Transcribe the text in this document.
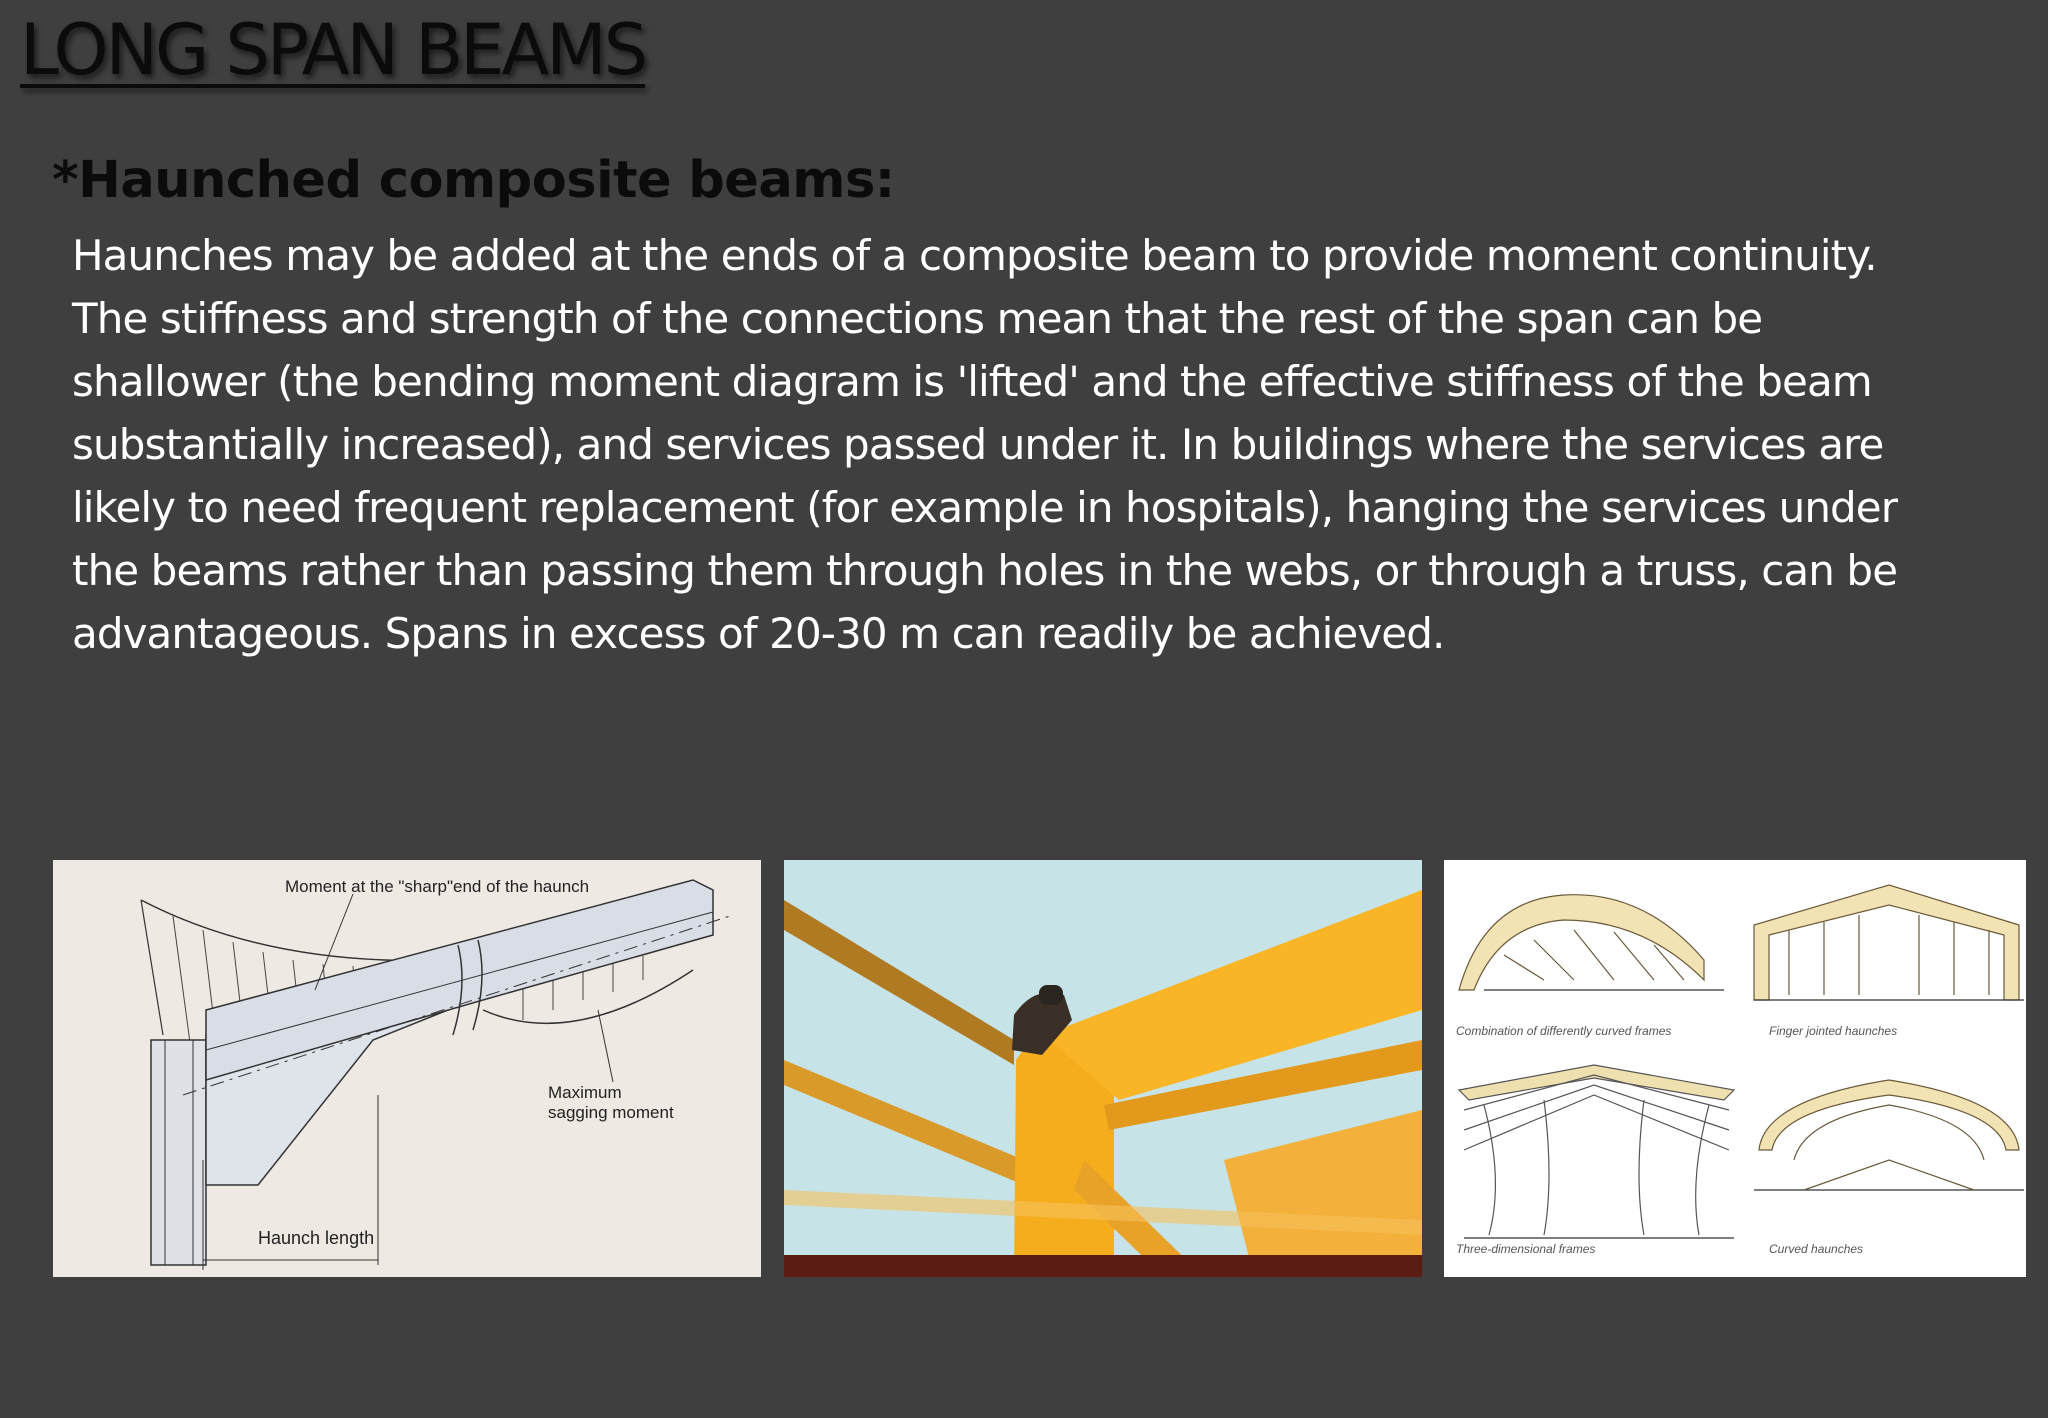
LONG SPAN BEAMS
*Haunched composite beams:

Haunches may be added at the ends of a composite beam to provide moment continuity.
The stiffness and strength of the connections mean that the rest of the span can be
shallower (the bending moment diagram is 'lifted' and the effective stiffness of the beam
substantially increased), and services passed under it. In buildings where the services are
likely to need frequent replacement (for example in hospitals), hanging the services under
the beams rather than passing them through holes in the webs, or through a truss, can be
advantageous. Spans in excess of 20-30 m can readily be achieved.

Moment at the "sharp"end of the haunch
Maximum
sagging moment
Haunch length
Combination of differently curved frames	Finger jointed haunches
Three-dimensional frames	Curved haunches
